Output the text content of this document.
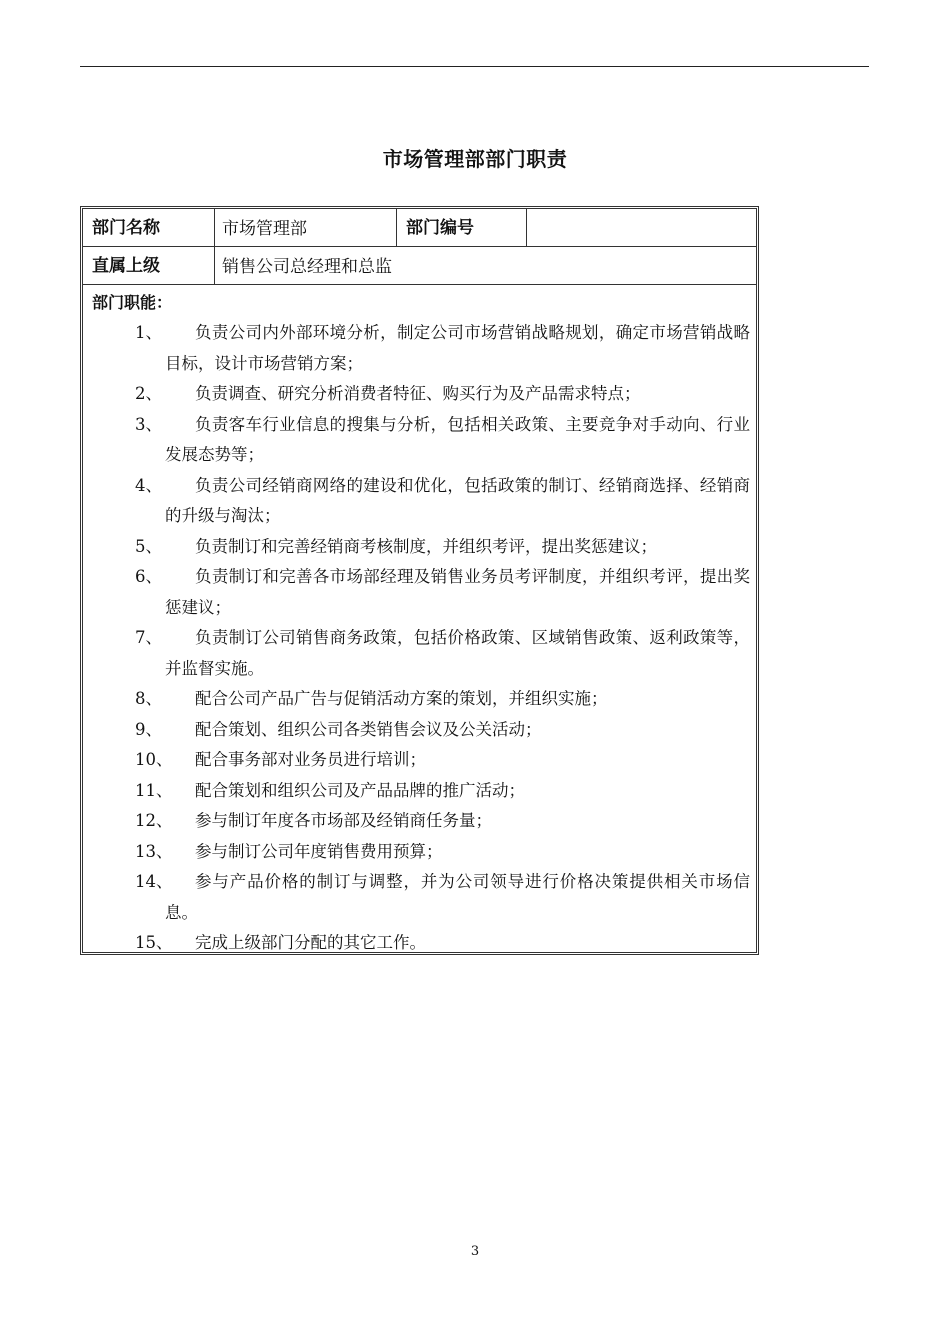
市场管理部部门职责
部门名称	市场管理部	部门编号
直属上级	销售公司总经理和总监
部门职能：
1、	负责公司内外部环境分析，制定公司市场营销战略规划，确定市场营销战略目标，设计市场营销方案；
2、	负责调查、研究分析消费者特征、购买行为及产品需求特点；
3、	负责客车行业信息的搜集与分析，包括相关政策、主要竞争对手动向、行业发展态势等；
4、	负责公司经销商网络的建设和优化，包括政策的制订、经销商选择、经销商的升级与淘汰；
5、	负责制订和完善经销商考核制度，并组织考评，提出奖惩建议；
6、	负责制订和完善各市场部经理及销售业务员考评制度，并组织考评，提出奖惩建议；
7、	负责制订公司销售商务政策，包括价格政策、区域销售政策、返利政策等，并监督实施。
8、	配合公司产品广告与促销活动方案的策划，并组织实施；
9、	配合策划、组织公司各类销售会议及公关活动；
10、	配合事务部对业务员进行培训；
11、	配合策划和组织公司及产品品牌的推广活动；
12、	参与制订年度各市场部及经销商任务量；
13、	参与制订公司年度销售费用预算；
14、	参与产品价格的制订与调整，并为公司领导进行价格决策提供相关市场信息。
15、	完成上级部门分配的其它工作。
3
